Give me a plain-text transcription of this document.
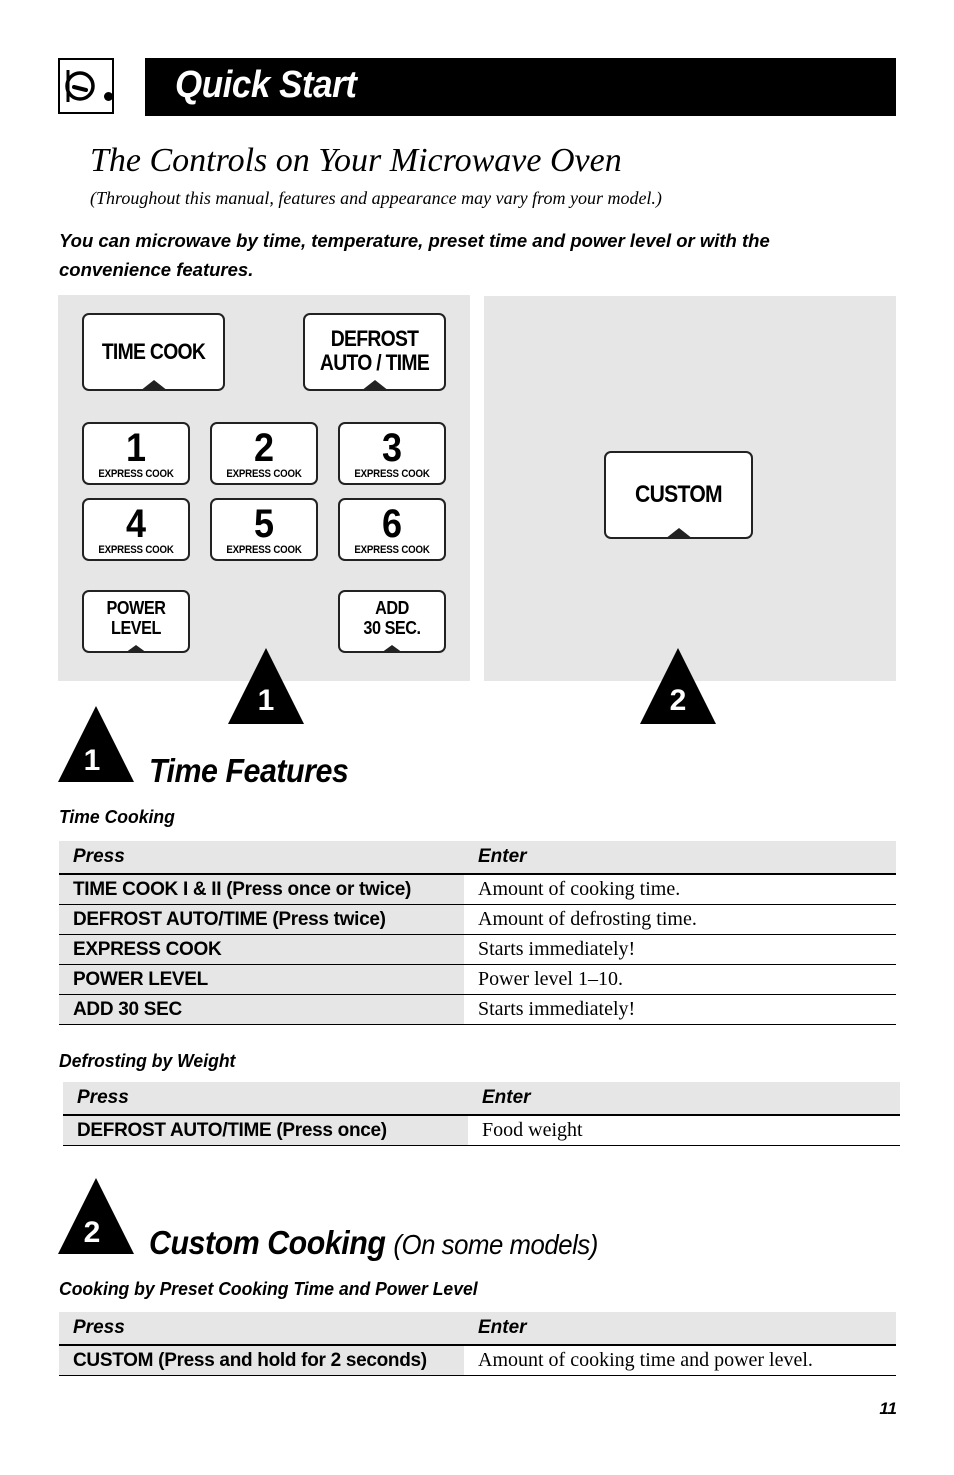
Quick Start
The Controls on Your Microwave Oven
(Throughout this manual, features and appearance may vary from your model.)
You can microwave by time, temperature, preset time and power level or with the convenience features.
TIME COOK
DEFROST
AUTO / TIME
1
EXPRESS COOK
2
EXPRESS COOK
3
EXPRESS COOK
4
EXPRESS COOK
5
EXPRESS COOK
6
EXPRESS COOK
POWER
LEVEL
ADD
30 SEC.
CUSTOM
1	2
1	Time Features
Time Cooking
Press	Enter
TIME COOK I & II (Press once or twice)	Amount of cooking time.
DEFROST AUTO/TIME (Press twice)	Amount of defrosting time.
EXPRESS COOK	Starts immediately!
POWER LEVEL	Power level 1–10.
ADD 30 SEC	Starts immediately!
Defrosting by Weight
Press	Enter
DEFROST AUTO/TIME (Press once)	Food weight
2	Custom Cooking (On some models)
Cooking by Preset Cooking Time and Power Level
Press	Enter
CUSTOM (Press and hold for 2 seconds)	Amount of cooking time and power level.
11
